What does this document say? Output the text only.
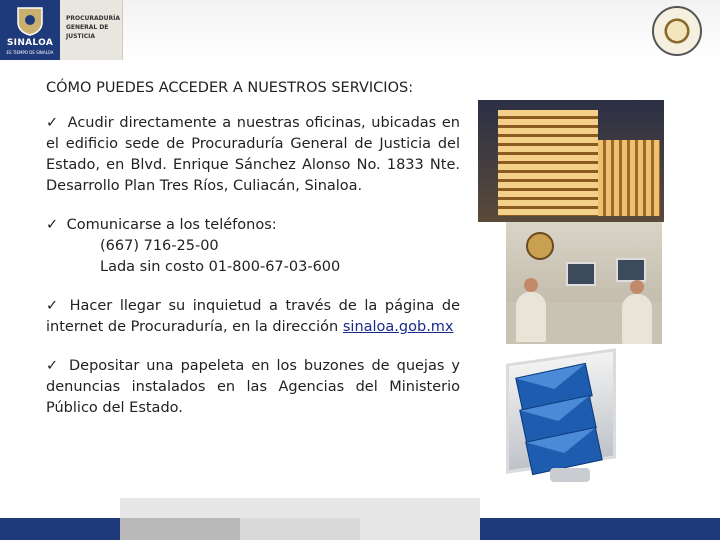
SINALOA
ES TIEMPO DE SINALOA
PROCURADURÍA
GENERAL DE
JUSTICIA
CÓMO PUEDES ACCEDER A NUESTROS SERVICIOS:
✓ Acudir directamente a nuestras oficinas, ubicadas en el edificio sede de Procuraduría General de Justicia del Estado, en Blvd. Enrique Sánchez Alonso No. 1833 Nte. Desarrollo Plan Tres Ríos, Culiacán, Sinaloa.
✓ Comunicarse a los teléfonos:
(667) 716-25-00
Lada sin costo 01-800-67-03-600
✓ Hacer llegar su inquietud a través de la página de internet de Procuraduría, en la dirección sinaloa.gob.mx
✓ Depositar una papeleta en los buzones de quejas y denuncias instalados en las Agencias del Ministerio Público del Estado.
